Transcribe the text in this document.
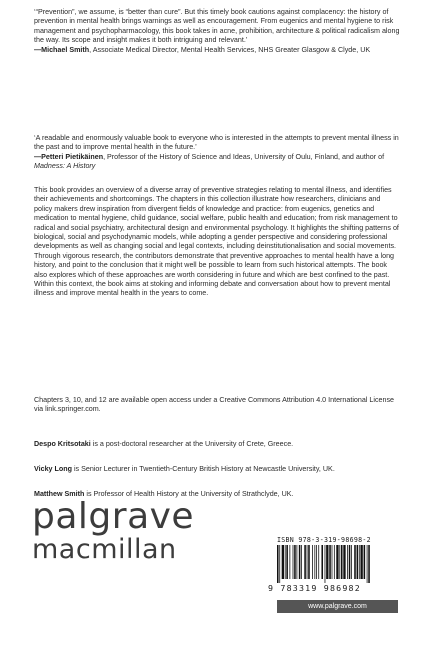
‘“Prevention”, we assume, is “better than cure”. But this timely book cautions against complacency: the history of prevention in mental health brings warnings as well as encouragement. From eugenics and mental hygiene to risk management and psychopharmacology, this book takes in acne, prohibition, architecture & political radicalism along the way. Its scope and insight makes it both intriguing and relevant.’
—Michael Smith, Associate Medical Director, Mental Health Services, NHS Greater Glasgow & Clyde, UK
‘A readable and enormously valuable book to everyone who is interested in the attempts to prevent mental illness in the past and to improve mental health in the future.’
—Petteri Pietikäinen, Professor of the History of Science and Ideas, University of Oulu, Finland, and author of Madness: A History
This book provides an overview of a diverse array of preventive strategies relating to mental illness, and identifies their achievements and shortcomings. The chapters in this collection illustrate how researchers, clinicians and policy makers drew inspiration from divergent fields of knowledge and practice: from eugenics, genetics and medication to mental hygiene, child guidance, social welfare, public health and education; from risk management to radical and social psychiatry, architectural design and environmental psychology. It highlights the shifting patterns of biological, social and psychodynamic models, while adopting a gender perspective and considering professional developments as well as changing social and legal contexts, including deinstitutionalisation and social movements. Through vigorous research, the contributors demonstrate that preventive approaches to mental health have a long history, and point to the conclusion that it might well be possible to learn from such historical attempts. The book also explores which of these approaches are worth considering in future and which are best confined to the past. Within this context, the book aims at stoking and informing debate and conversation about how to prevent mental illness and improve mental health in the years to come.
Chapters 3, 10, and 12 are available open access under a Creative Commons Attribution 4.0 International License via link.springer.com.
Despo Kritsotaki is a post-doctoral researcher at the University of Crete, Greece.
Vicky Long is Senior Lecturer in Twentieth-Century British History at Newcastle University, UK.
Matthew Smith is Professor of Health History at the University of Strathclyde, UK.
palgrave
macmillan	ISBN 978-3-319-98698-2
9 783319 986982
www.palgrave.com
